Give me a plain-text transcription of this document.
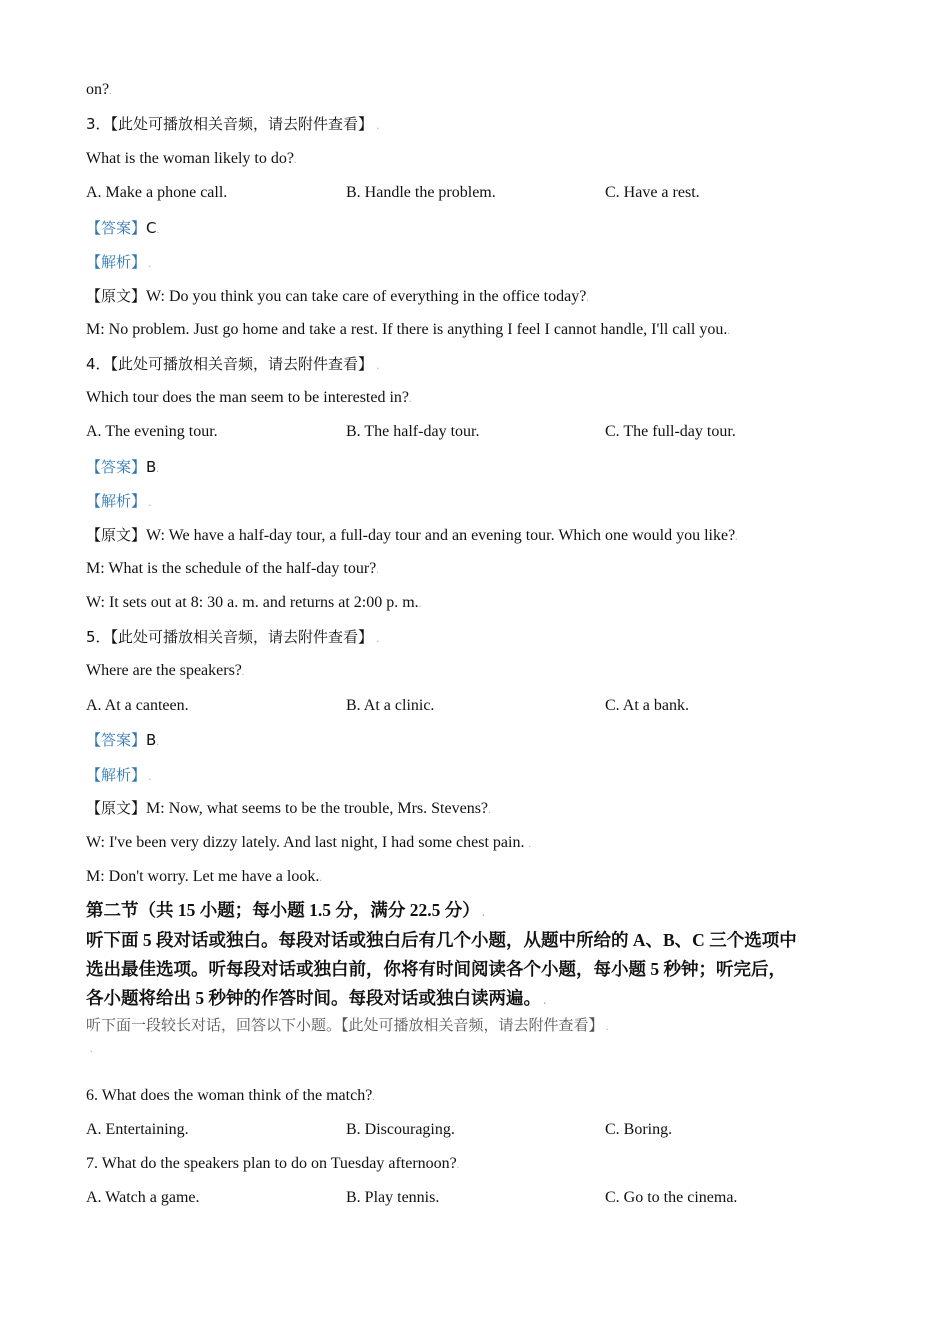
on?.
3．【此处可播放相关音频，请去附件查看】 .
What is the woman likely to do?.
A. Make a phone call.	B. Handle the problem.	C. Have a rest.
【答案】C.
【解析】 .
【原文】W: Do you think you can take care of everything in the office today?.
M: No problem. Just go home and take a rest. If there is anything I feel I cannot handle, I'll call you..
4．【此处可播放相关音频，请去附件查看】 .
Which tour does the man seem to be interested in?.
A. The evening tour.	B. The half-day tour.	C. The full-day tour.
【答案】B.
【解析】 .
【原文】W: We have a half-day tour, a full-day tour and an evening tour. Which one would you like?.
M: What is the schedule of the half-day tour?.
W: It sets out at 8: 30 a. m. and returns at 2:00 p. m..
5．【此处可播放相关音频，请去附件查看】 .
Where are the speakers?.
A. At a canteen.	B. At a clinic.	C. At a bank.
【答案】B.
【解析】 .
【原文】M: Now, what seems to be the trouble, Mrs. Stevens?.
W: I've been very dizzy lately. And last night, I had some chest pain. .
M: Don't worry. Let me have a look..
第二节（共 15 小题；每小题 1.5 分，满分 22.5 分） .
听下面 5 段对话或独白。每段对话或独白后有几个小题，从题中所给的 A、B、C 三个选项中
选出最佳选项。听每段对话或独白前，你将有时间阅读各个小题，每小题 5 秒钟；听完后，
各小题将给出 5 秒钟的作答时间。每段对话或独白读两遍。 .
听下面一段较长对话，回答以下小题。【此处可播放相关音频，请去附件查看】 .
.
6. What does the woman think of the match?.
A. Entertaining.	B. Discouraging.	C. Boring.
7. What do the speakers plan to do on Tuesday afternoon?.
A. Watch a game.	B. Play tennis.	C. Go to the cinema.
